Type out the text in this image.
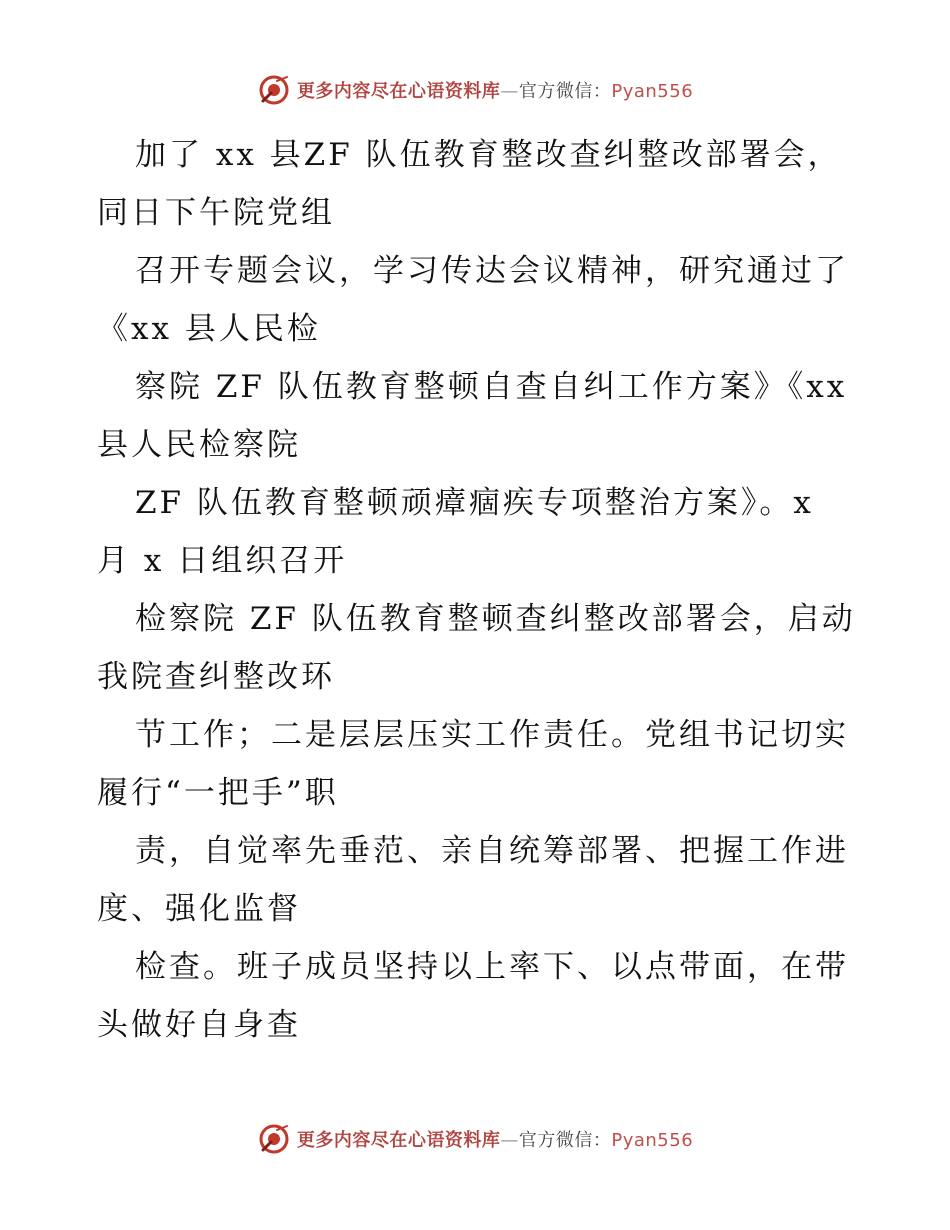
更多内容尽在心语资料库—官方微信：Pyan556
加了 xx 县ZF 队伍教育整改查纠整改部署会，
同日下午院党组
召开专题会议，学习传达会议精神，研究通过了
《xx 县人民检
察院 ZF 队伍教育整顿自查自纠工作方案》《xx
县人民检察院
ZF 队伍教育整顿顽瘴痼疾专项整治方案》。x
月 x 日组织召开
检察院 ZF 队伍教育整顿查纠整改部署会，启动
我院查纠整改环
节工作；二是层层压实工作责任。党组书记切实
履行“一把手”职
责，自觉率先垂范、亲自统筹部署、把握工作进
度、强化监督
检查。班子成员坚持以上率下、以点带面，在带
头做好自身查
更多内容尽在心语资料库—官方微信：Pyan556
